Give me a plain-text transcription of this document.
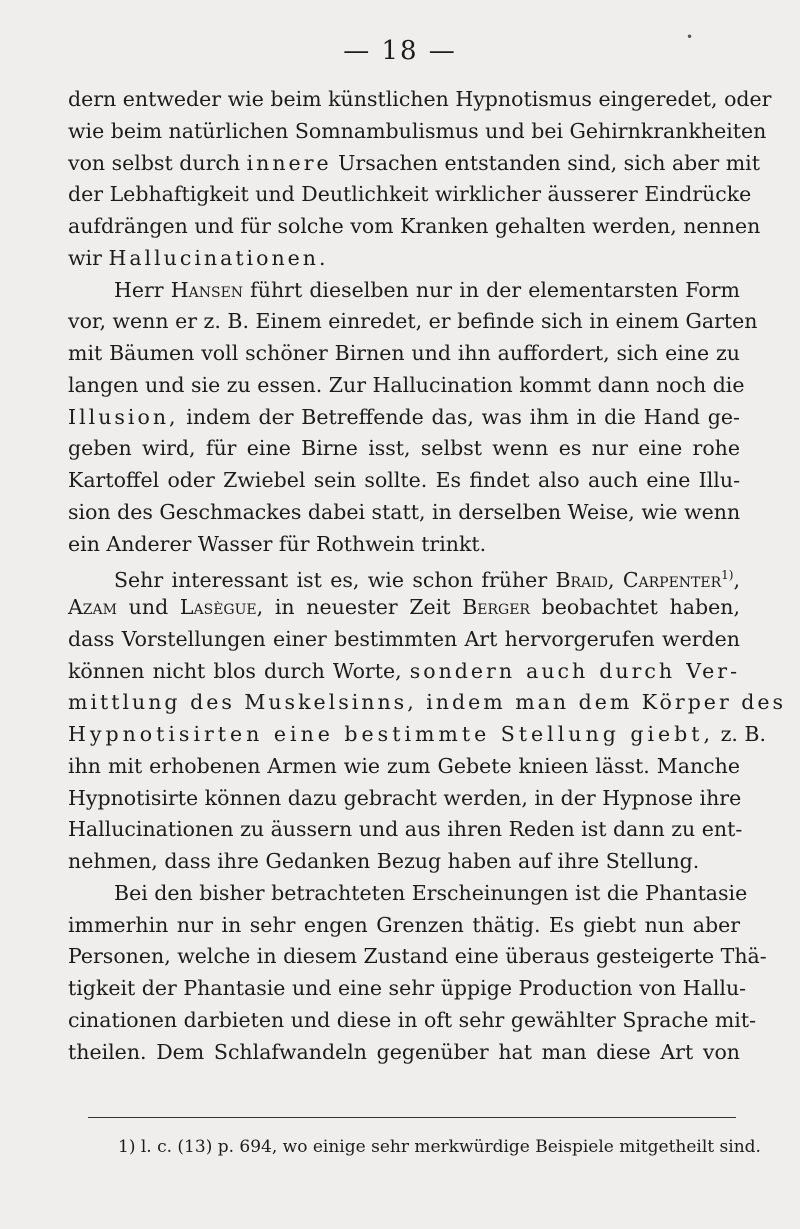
— 18 —	•
dern entweder wie beim künstlichen Hypnotismus eingeredet, oder
wie beim natürlichen Somnambulismus und bei Gehirnkrankheiten
von selbst durch innere Ursachen entstanden sind, sich aber mit
der Lebhaftigkeit und Deutlichkeit wirklicher äusserer Eindrücke
aufdrängen und für solche vom Kranken gehalten werden, nennen
wir Hallucinationen.
Herr Hansen führt dieselben nur in der elementarsten Form
vor, wenn er z. B. Einem einredet, er befinde sich in einem Garten
mit Bäumen voll schöner Birnen und ihn auffordert, sich eine zu
langen und sie zu essen. Zur Hallucination kommt dann noch die
Illusion, indem der Betreffende das, was ihm in die Hand ge-
geben wird, für eine Birne isst, selbst wenn es nur eine rohe
Kartoffel oder Zwiebel sein sollte. Es findet also auch eine Illu-
sion des Geschmackes dabei statt, in derselben Weise, wie wenn
ein Anderer Wasser für Rothwein trinkt.
Sehr interessant ist es, wie schon früher Braid, Carpenter$^{1)}$,
Azam und Lasègue, in neuester Zeit Berger beobachtet haben,
dass Vorstellungen einer bestimmten Art hervorgerufen werden
können nicht blos durch Worte, sondern auch durch Ver-
mittlung des Muskelsinns, indem man dem Körper des
Hypnotisirten eine bestimmte Stellung giebt, z. B.
ihn mit erhobenen Armen wie zum Gebete knieen lässt. Manche
Hypnotisirte können dazu gebracht werden, in der Hypnose ihre
Hallucinationen zu äussern und aus ihren Reden ist dann zu ent-
nehmen, dass ihre Gedanken Bezug haben auf ihre Stellung.
Bei den bisher betrachteten Erscheinungen ist die Phantasie
immerhin nur in sehr engen Grenzen thätig. Es giebt nun aber
Personen, welche in diesem Zustand eine überaus gesteigerte Thä-
tigkeit der Phantasie und eine sehr üppige Production von Hallu-
cinationen darbieten und diese in oft sehr gewählter Sprache mit-
theilen. Dem Schlafwandeln gegenüber hat man diese Art von
1) l. c. (13) p. 694, wo einige sehr merkwürdige Beispiele mitgetheilt sind.
